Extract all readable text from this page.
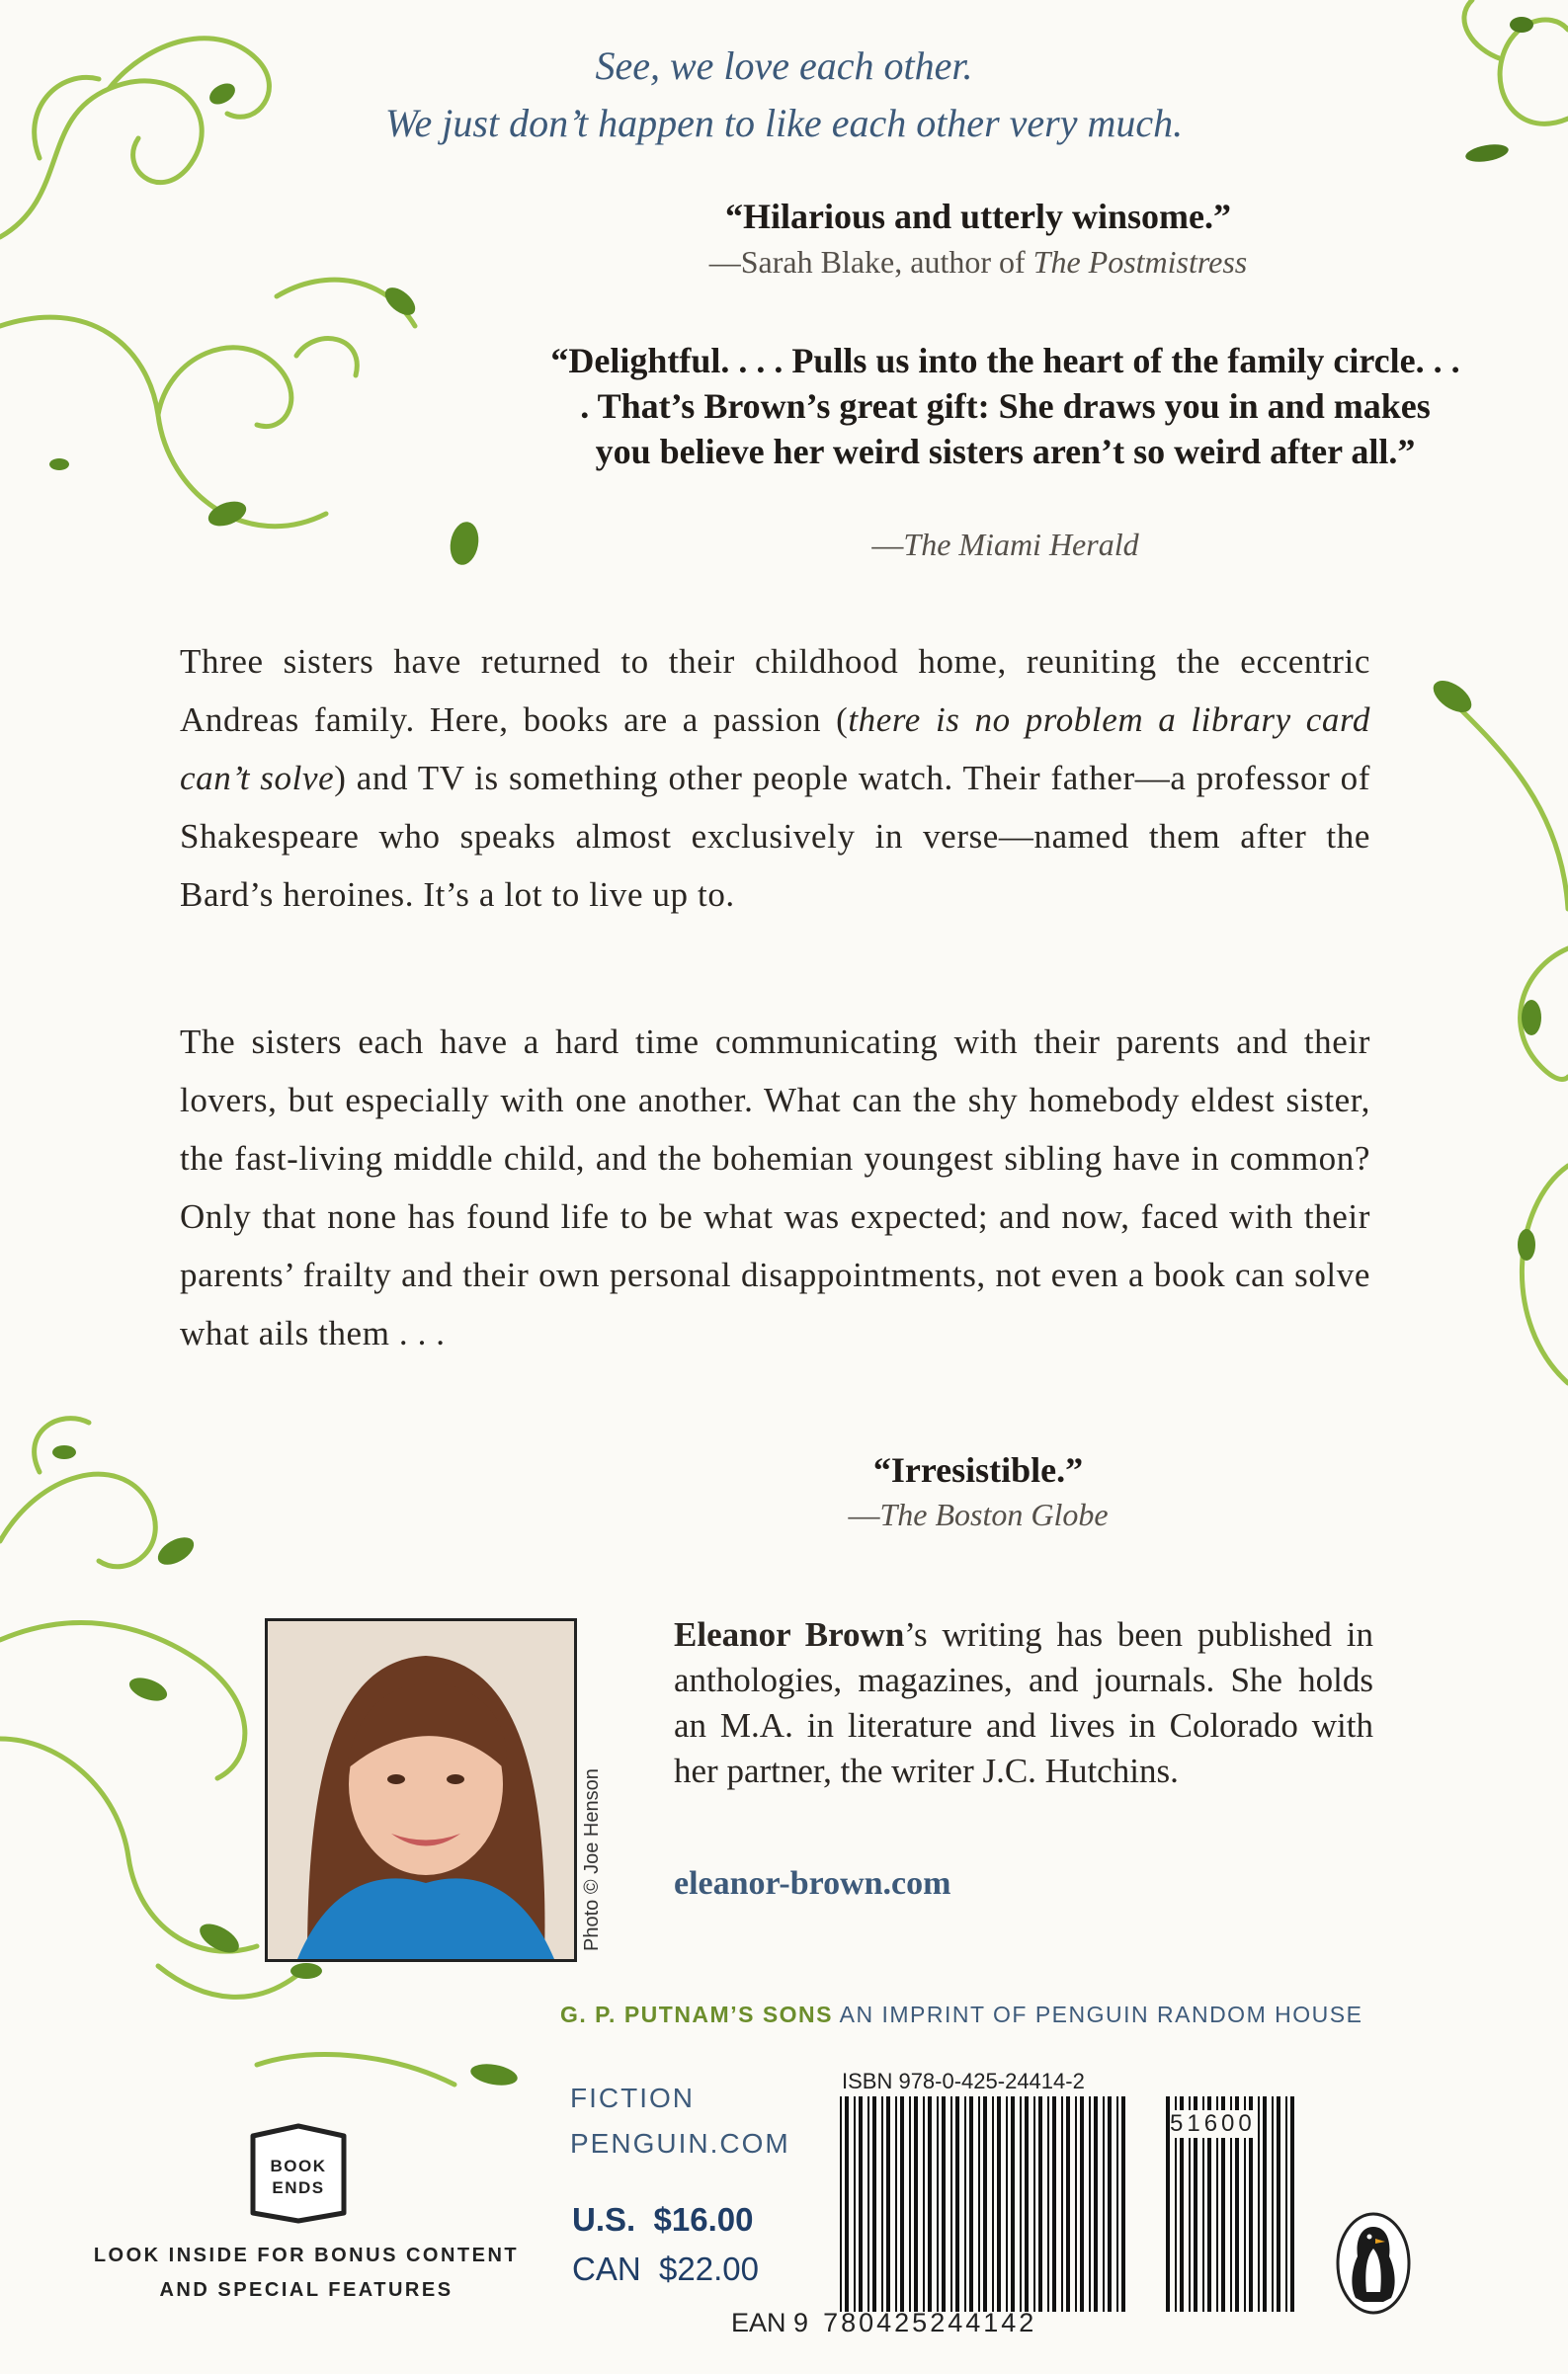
See, we love each other.
We just don’t happen to like each other very much.
“Hilarious and utterly winsome.”
—Sarah Blake, author of The Postmistress
“Delightful. . . . Pulls us into the heart of the family circle. . . . That’s Brown’s great gift: She draws you in and makes you believe her weird sisters aren’t so weird after all.”
—The Miami Herald
Three sisters have returned to their childhood home, reuniting the eccentric Andreas family. Here, books are a passion (there is no problem a library card can’t solve) and TV is something other people watch. Their father—a professor of Shakespeare who speaks almost exclusively in verse—named them after the Bard’s heroines. It’s a lot to live up to.
The sisters each have a hard time communicating with their parents and their lovers, but especially with one another. What can the shy homebody eldest sister, the fast-living middle child, and the bohemian youngest sibling have in common? Only that none has found life to be what was expected; and now, faced with their parents’ frailty and their own personal disappointments, not even a book can solve what ails them . . .
“Irresistible.”
—The Boston Globe
Photo © Joe Henson
Eleanor Brown’s writing has been published in anthologies, magazines, and journals. She holds an M.A. in literature and lives in Colorado with her partner, the writer J.C. Hutchins.
eleanor-brown.com
G. P. PUTNAM’S SONS AN IMPRINT OF PENGUIN RANDOM HOUSE
FICTION
PENGUIN.COM
U.S. $16.00
CAN $22.00
ISBN 978-0-425-24414-2
51600
EAN 9 780425244142
BOOK
ENDS
LOOK INSIDE FOR BONUS CONTENT
AND SPECIAL FEATURES
